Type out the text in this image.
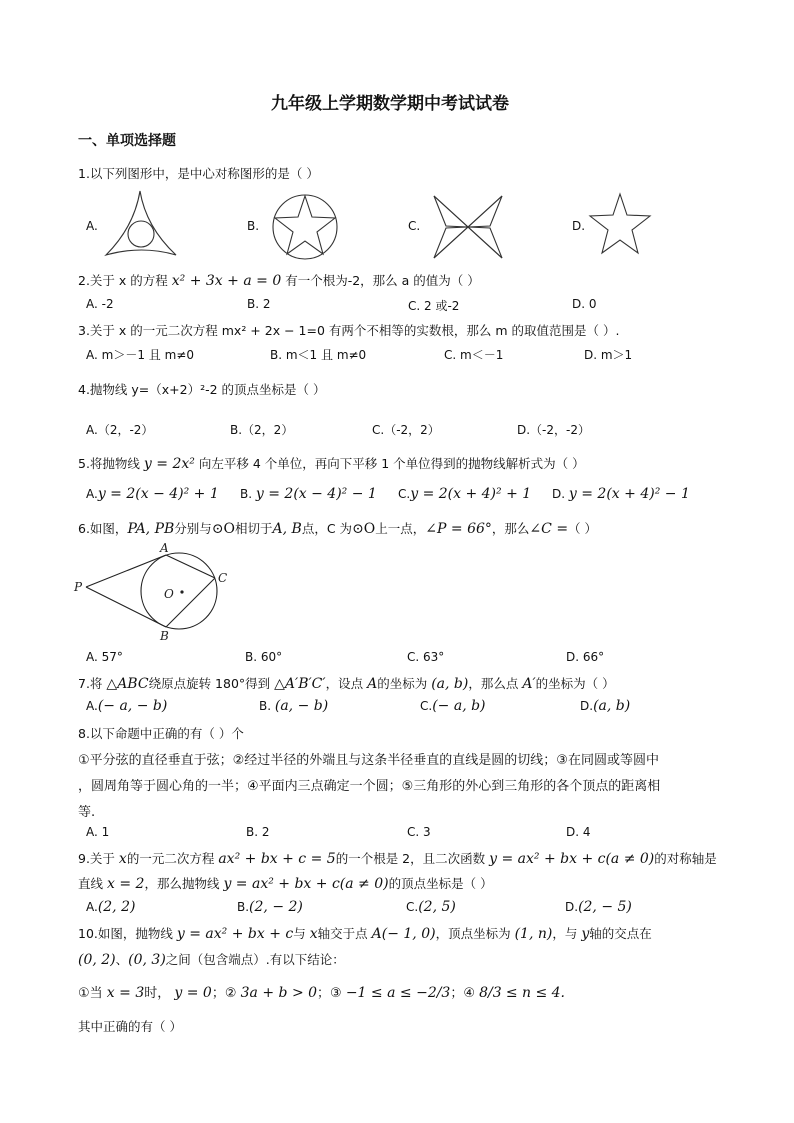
九年级上学期数学期中考试试卷
一、单项选择题
1.以下列图形中，是中心对称图形的是（ ）
A.	B.	C.	D.
2.关于 x 的方程 x² + 3x + a = 0 有一个根为-2，那么 a 的值为（ ）
A. -2	B. 2	C. 2 或-2	D. 0
3.关于 x 的一元二次方程 mx² + 2x − 1=0 有两个不相等的实数根，那么 m 的取值范围是（ ）.
A. m＞－1 且 m≠0	B. m＜1 且 m≠0	C. m＜－1	D. m＞1
4.抛物线 y=（x+2）²-2 的顶点坐标是（ ）
A.（2，-2）	B.（2，2）	C.（-2，2）	D.（-2，-2）
5.将抛物线 y = 2x² 向左平移 4 个单位，再向下平移 1 个单位得到的抛物线解析式为（ ）
A.y = 2(x − 4)² + 1 B. y = 2(x − 4)² − 1 C.y = 2(x + 4)² + 1 D. y = 2(x + 4)² − 1
6.如图，PA, PB分别与⊙O相切于A, B点，C 为⊙O上一点，∠P = 66°，那么∠C =（ ）
A
B
C
P	O
A. 57°	B. 60°	C. 63°	D. 66°
7.将 △ABC绕原点旋转 180°得到 △A′B′C′，设点 A的坐标为 (a, b)，那么点 A′的坐标为（ ）
A.(− a, − b)	B. (a, − b)	C.(− a, b)	D.(a, b)
8.以下命题中正确的有（ ）个
①平分弦的直径垂直于弦；②经过半径的外端且与这条半径垂直的直线是圆的切线；③在同圆或等圆中
，圆周角等于圆心角的一半；④平面内三点确定一个圆；⑤三角形的外心到三角形的各个顶点的距离相
等.
A. 1	B. 2	C. 3	D. 4
9.关于 x的一元二次方程 ax² + bx + c = 5的一个根是 2，且二次函数 y = ax² + bx + c(a ≠ 0)的对称轴是
直线 x = 2，那么抛物线 y = ax² + bx + c(a ≠ 0)的顶点坐标是（ ）
A.(2, 2)	B.(2, − 2)	C.(2, 5)	D.(2, − 5)
10.如图，抛物线 y = ax² + bx + c与 x轴交于点 A(− 1, 0)，顶点坐标为 (1, n)，与 y轴的交点在
(0, 2)、(0, 3)之间（包含端点）.有以下结论：
①当 x = 3时， y = 0；② 3a + b > 0；③ −1 ≤ a ≤ −2/3；④ 8/3 ≤ n ≤ 4.
其中正确的有（ ）
